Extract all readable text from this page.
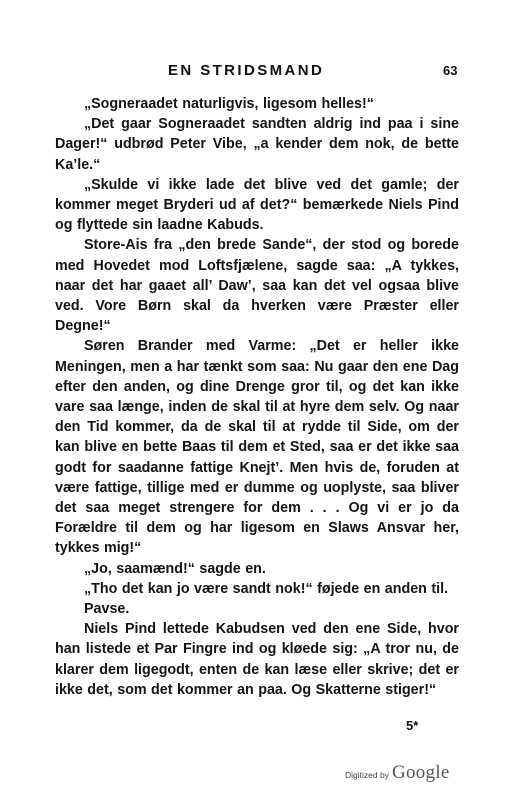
EN STRIDSMAND	63

„Sogneraadet naturligvis, ligesom helles!“

„Det gaar Sogneraadet sandten aldrig ind paa i sine Dager!“ udbrød Peter Vibe, „a kender dem nok, de bette Ka’le.“

„Skulde vi ikke lade det blive ved det gamle; der kommer meget Bryderi ud af det?“ bemærkede Niels Pind og flyttede sin laadne Kabuds.

Store-Ais fra „den brede Sande“, der stod og borede med Hovedet mod Loftsfjælene, sagde saa: „A tykkes, naar det har gaaet all’ Daw’, saa kan det vel ogsaa blive ved. Vore Børn skal da hverken være Præster eller Degne!“

Søren Brander med Varme: „Det er heller ikke Meningen, men a har tænkt som saa: Nu gaar den ene Dag efter den anden, og dine Drenge gror til, og det kan ikke vare saa længe, inden de skal til at hyre dem selv. Og naar den Tid kommer, da de skal til at rydde til Side, om der kan blive en bette Baas til dem et Sted, saa er det ikke saa godt for saadanne fattige Knejt’. Men hvis de, foruden at være fattige, tillige med er dumme og uoplyste, saa bliver det saa meget strengere for dem . . . Og vi er jo da Forældre til dem og har ligesom en Slaws Ansvar her, tykkes mig!“

„Jo, saamænd!“ sagde en.

„Tho det kan jo være sandt nok!“ føjede en anden til.

Pavse.

Niels Pind lettede Kabudsen ved den ene Side, hvor han listede et Par Fingre ind og kløede sig: „A tror nu, de klarer dem ligegodt, enten de kan læse eller skrive; det er ikke det, som det kommer an paa. Og Skatterne stiger!“

5*
Digitized by Google
